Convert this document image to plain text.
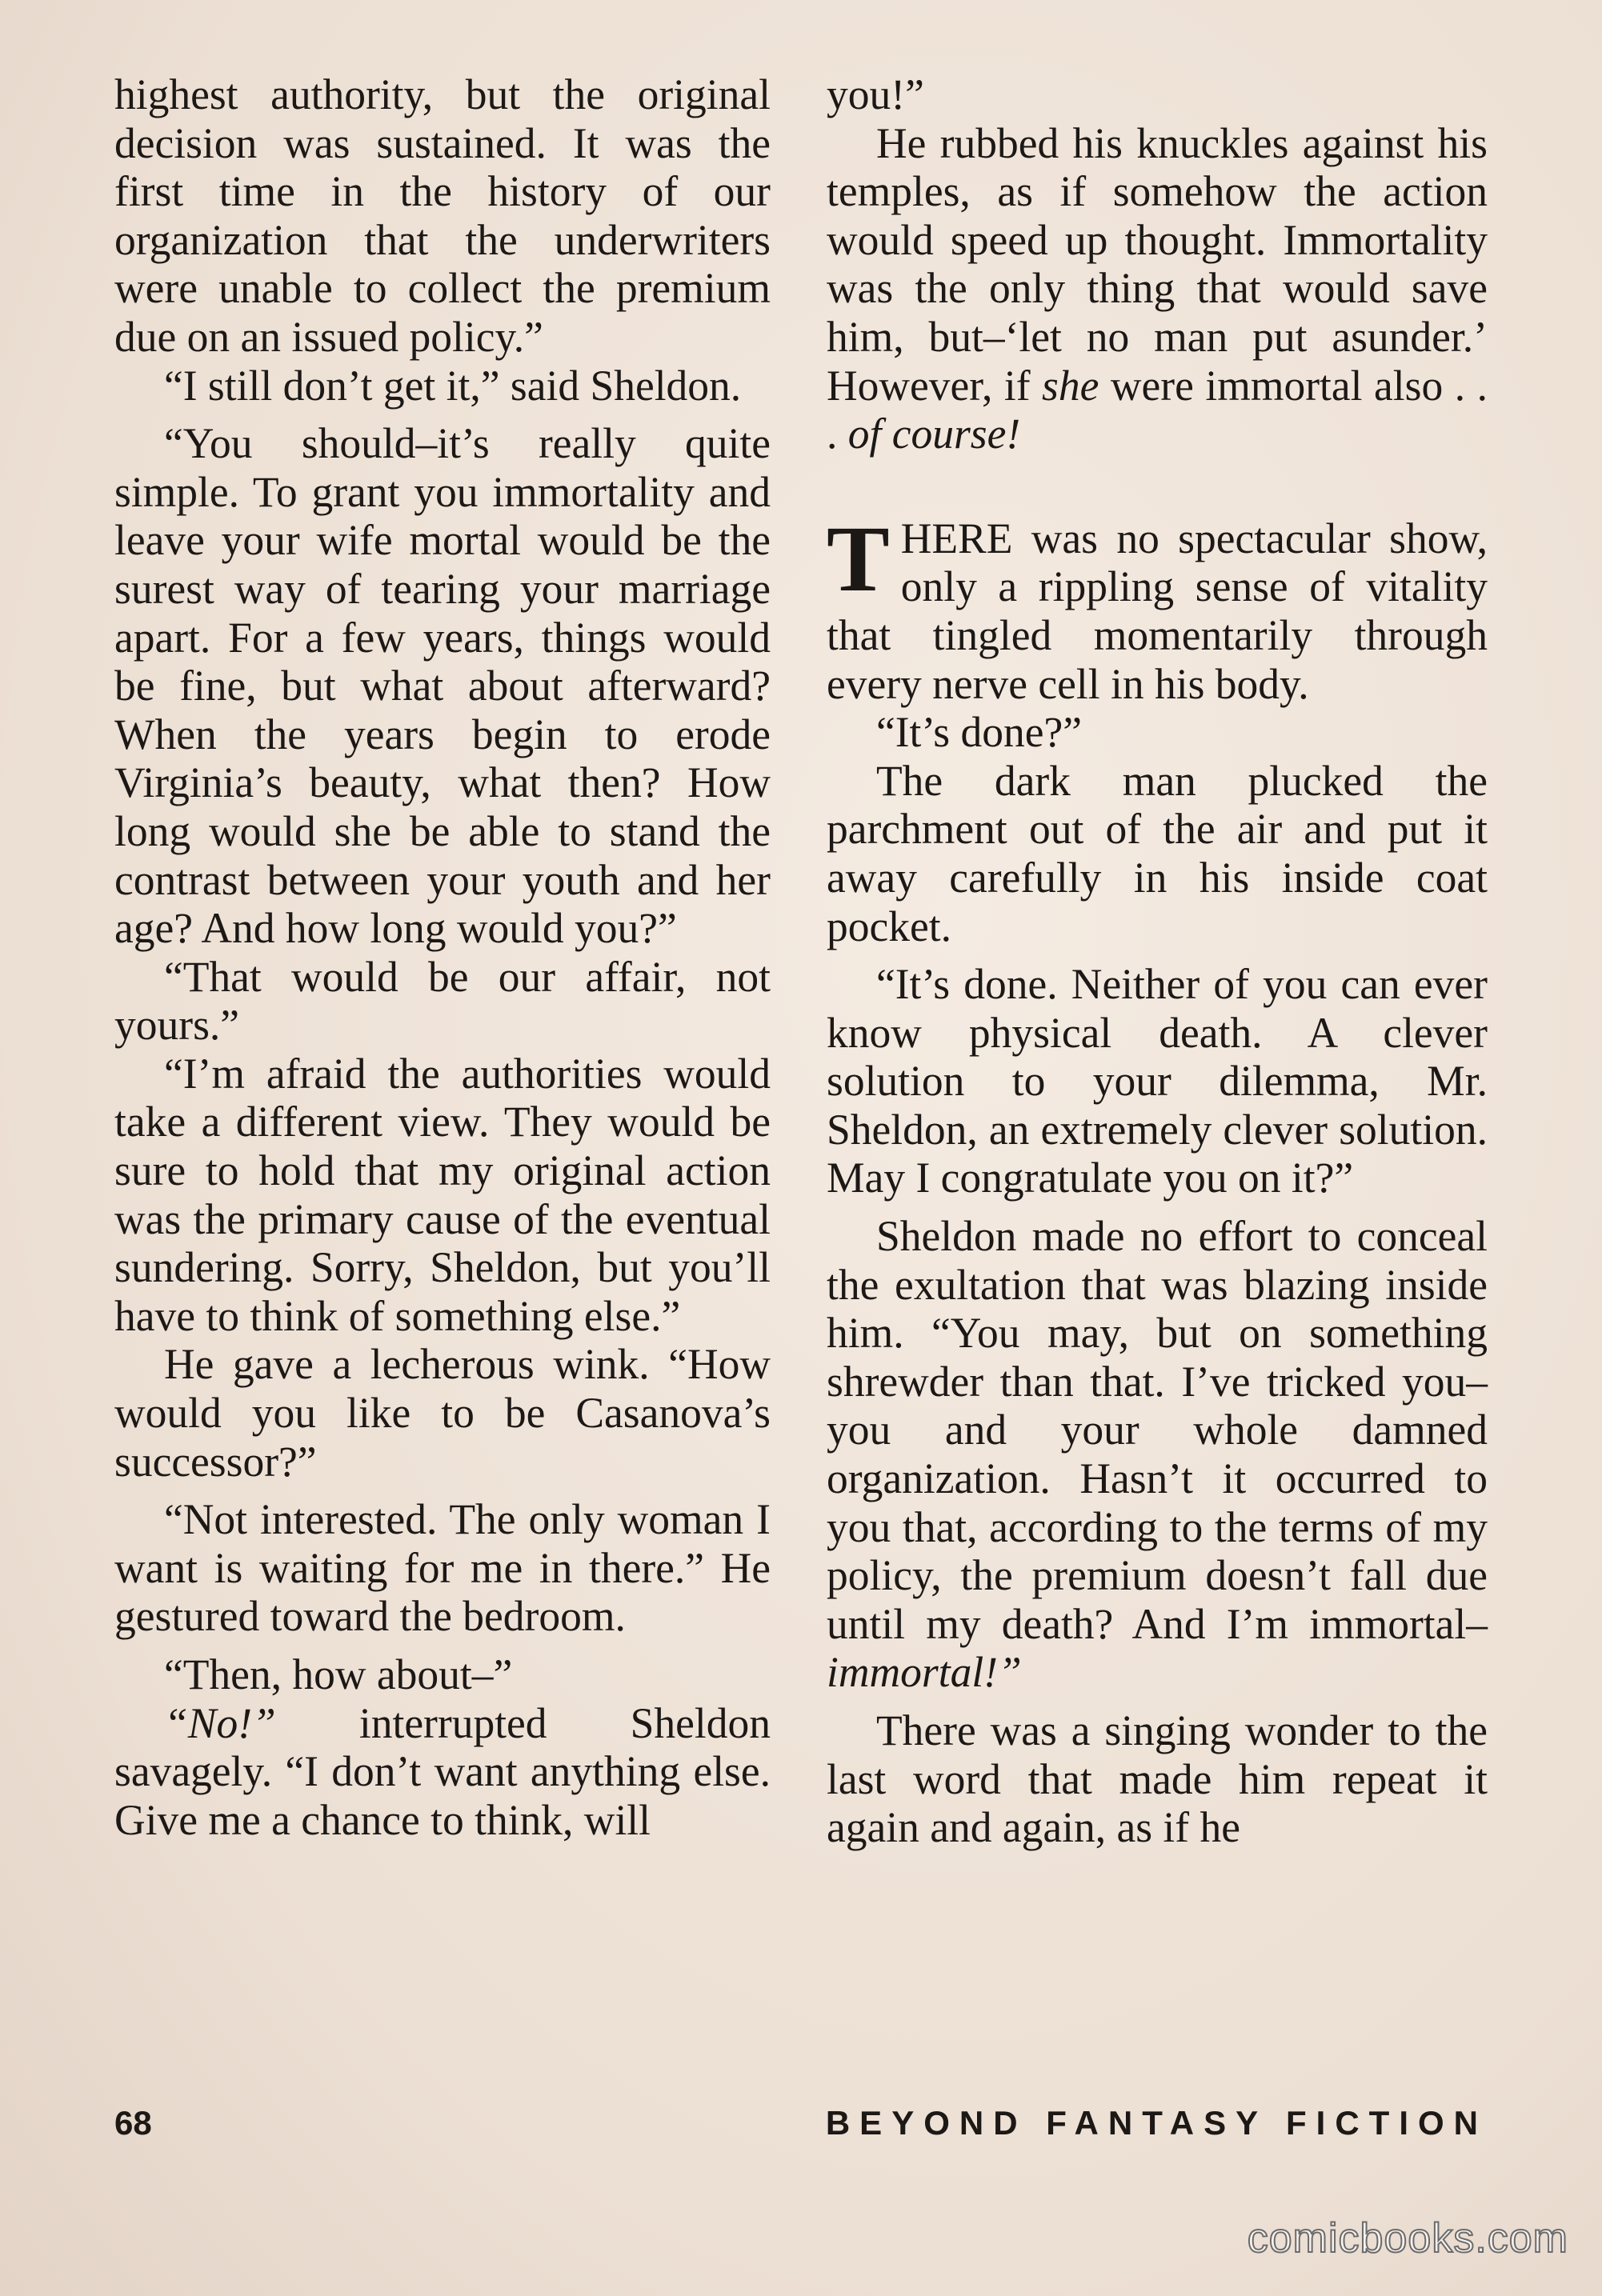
highest authority, but the original decision was sustained. It was the first time in the history of our organization that the underwriters were unable to collect the premium due on an issued policy.”

“I still don’t get it,” said Sheldon.

“You should–it’s really quite simple. To grant you immortality and leave your wife mortal would be the surest way of tearing your marriage apart. For a few years, things would be fine, but what about afterward? When the years begin to erode Virginia’s beauty, what then? How long would she be able to stand the contrast between your youth and her age? And how long would you?”

“That would be our affair, not yours.”

“I’m afraid the authorities would take a different view. They would be sure to hold that my original action was the primary cause of the eventual sundering. Sorry, Sheldon, but you’ll have to think of something else.”

He gave a lecherous wink. “How would you like to be Casanova’s successor?”

“Not interested. The only woman I want is waiting for me in there.” He gestured toward the bedroom.

“Then, how about–”

“No!” interrupted Sheldon savagely. “I don’t want anything else. Give me a chance to think, will

you!”

He rubbed his knuckles against his temples, as if somehow the action would speed up thought. Immortality was the only thing that would save him, but–‘let no man put asunder.’ However, if she were immortal also . . . of course!

THERE was no spectacular show, only a rippling sense of vitality that tingled momentarily through every nerve cell in his body.

“It’s done?”

The dark man plucked the parchment out of the air and put it away carefully in his inside coat pocket.

“It’s done. Neither of you can ever know physical death. A clever solution to your dilemma, Mr. Sheldon, an extremely clever solution. May I congratulate you on it?”

Sheldon made no effort to conceal the exultation that was blazing inside him. “You may, but on something shrewder than that. I’ve tricked you–you and your whole damned organization. Hasn’t it occurred to you that, according to the terms of my policy, the premium doesn’t fall due until my death? And I’m immortal–immortal!”

There was a singing wonder to the last word that made him repeat it again and again, as if he

68	BEYOND FANTASY FICTION
comicbooks.com
